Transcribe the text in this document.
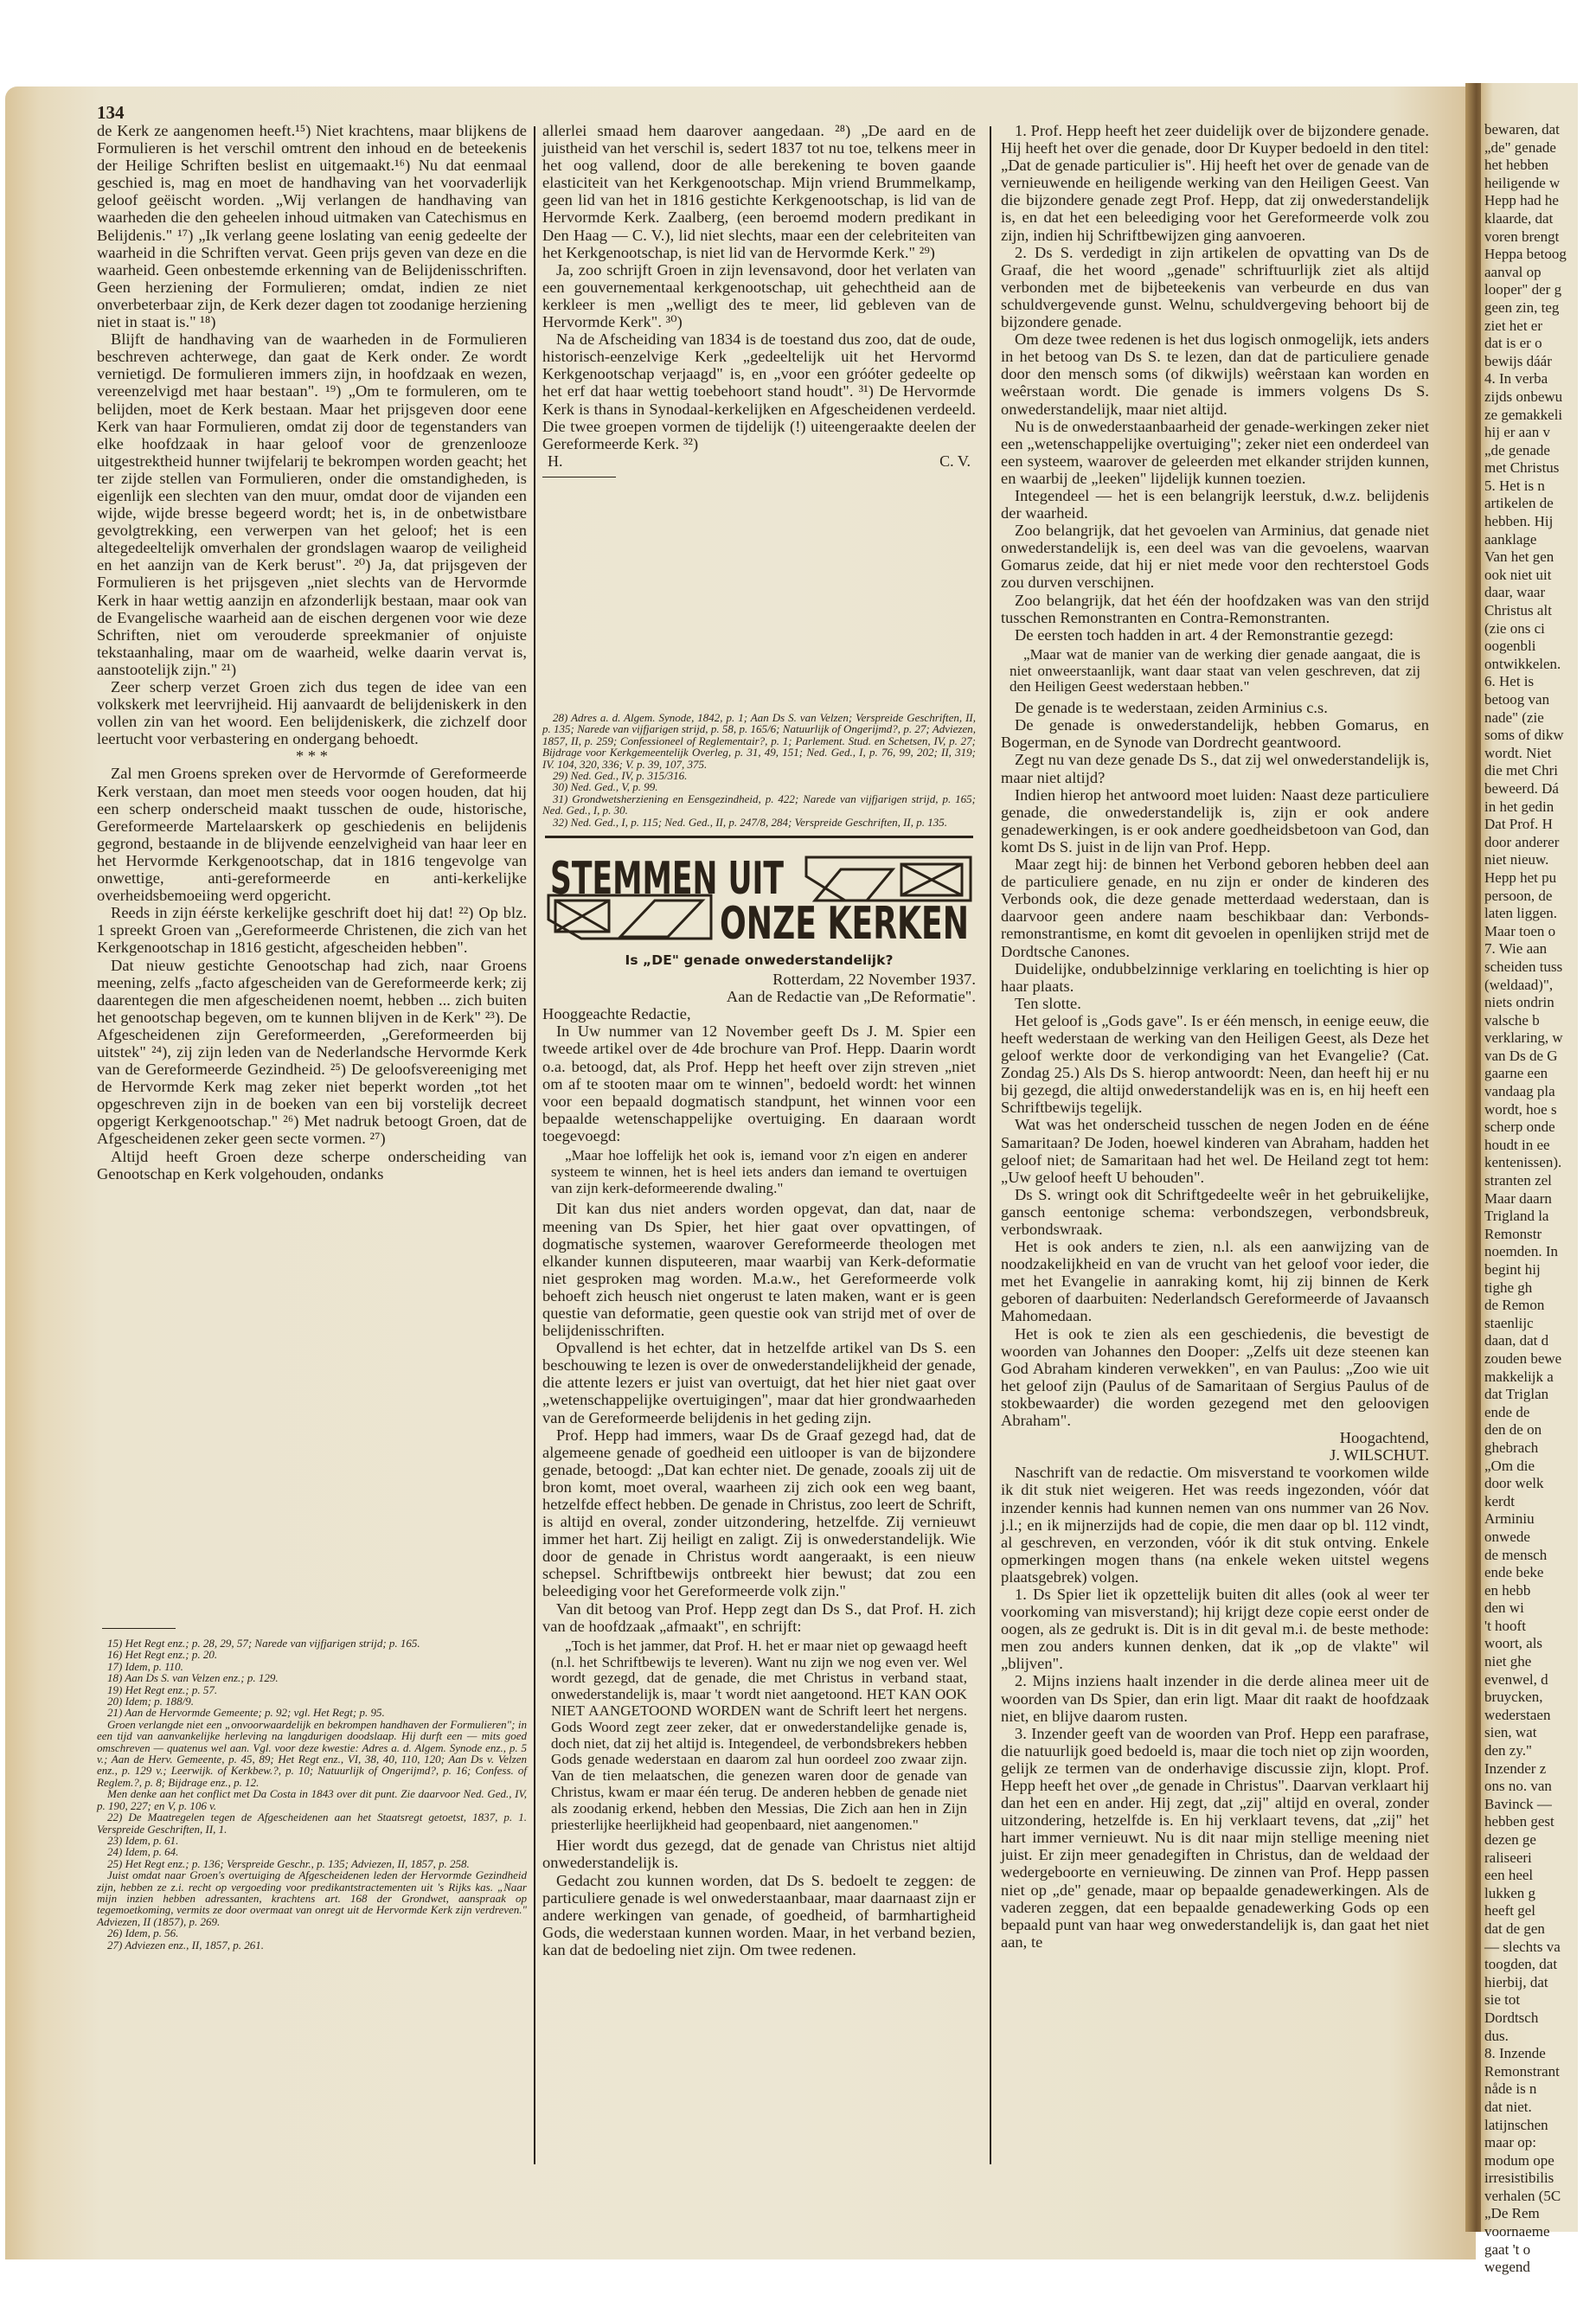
bewaren, dat
„de" genade
het hebben
heiligende w
Hepp had he
klaarde, dat
voren brengt
Heppa betoog
aanval op
looper" der g
geen zin, teg
ziet het er
dat is er o
bewijs dáár
4. In verba
zijds onbewu
ze gemakkeli
hij er aan v
„de genade
met Christus
5. Het is n
artikelen de
hebben. Hij
aanklage
Van het gen
ook niet uit
daar, waar
Christus alt
(zie ons ci
oogenbli
ontwikkelen.
6. Het is
betoog van
nade" (zie
soms of dikw
wordt. Niet
die met Chri
beweerd. Dá
in het gedin
Dat Prof. H
door anderer
niet nieuw.
Hepp het pu
persoon, de
laten liggen.
Maar toen o
7. Wie aan
scheiden tuss
(weldaad)",
niets ondrin
valsche b
verklaring, w
van Ds de G
gaarne een
vandaag pla
wordt, hoe s
scherp onde
houdt in ee
kentenissen).
stranten zel
Maar daarn
Trigland la
Remonstr
noemden. In
begint hij
tighe gh
de Remon
staenlijc
daan, dat d
zouden bewe
makkelijk a
dat Triglan
ende de
den de on
ghebrach
„Om die
door welk
kerdt
Arminiu
onwede
de mensch
ende beke
en hebb
den wi
't hooft
woort, als
niet ghe
evenwel, d
bruycken,
wederstaen
sien, wat
den zy."
Inzender z
ons no. van
Bavinck —
hebben gest
dezen ge
raliseeri
een heel
lukken g
heeft gel
dat de gen
— slechts va
toogden, dat
hierbij, dat
sie tot
Dordtsch
dus.
8. Inzende
Remonstrant
nåde is n
dat niet.
latijnschen
maar op:
modum ope
irresistibilis
verhalen (5C
„De Rem
voornaeme
gaat 't o
wegend
134

de Kerk ze aangenomen heeft.¹⁵) Niet krachtens, maar blijkens de Formulieren is het verschil omtrent den inhoud en de beteekenis der Heilige Schriften beslist en uitgemaakt.¹⁶) Nu dat eenmaal geschied is, mag en moet de handhaving van het voorvaderlijk geloof geëischt worden. „Wij verlangen de handhaving van waarheden die den geheelen inhoud uitmaken van Catechismus en Belijdenis." ¹⁷) „Ik verlang geene loslating van eenig gedeelte der waarheid in die Schriften vervat. Geen prijs geven van deze en die waarheid. Geen onbestemde erkenning van de Belijdenisschriften. Geen herziening der Formulieren; omdat, indien ze niet onverbeterbaar zijn, de Kerk dezer dagen tot zoodanige herziening niet in staat is." ¹⁸)

Blijft de handhaving van de waarheden in de Formulieren beschreven achterwege, dan gaat de Kerk onder. Ze wordt vernietigd. De formulieren immers zijn, in hoofdzaak en wezen, vereenzelvigd met haar bestaan". ¹⁹) „Om te formuleren, om te belijden, moet de Kerk bestaan. Maar het prijsgeven door eene Kerk van haar Formulieren, omdat zij door de tegenstanders van elke hoofdzaak in haar geloof voor de grenzenlooze uitgestrektheid hunner twijfelarij te bekrompen worden geacht; het ter zijde stellen van Formulieren, onder die omstandigheden, is eigenlijk een slechten van den muur, omdat door de vijanden een wijde, wijde bresse begeerd wordt; het is, in de onbetwistbare gevolgtrekking, een verwerpen van het geloof; het is een altegedeeltelijk omverhalen der grondslagen waarop de veiligheid en het aanzijn van de Kerk berust". ²⁰) Ja, dat prijsgeven der Formulieren is het prijsgeven „niet slechts van de Hervormde Kerk in haar wettig aanzijn en afzonderlijk bestaan, maar ook van de Evangelische waarheid aan de eischen dergenen voor wie deze Schriften, niet om verouderde spreekmanier of onjuiste tekstaanhaling, maar om de waarheid, welke daarin vervat is, aanstootelijk zijn." ²¹)

Zeer scherp verzet Groen zich dus tegen de idee van een volkskerk met leervrijheid. Hij aanvaardt de belijdeniskerk in den vollen zin van het woord. Een belijdeniskerk, die zichzelf door leertucht voor verbastering en ondergang behoedt.

* * *

Zal men Groens spreken over de Hervormde of Gereformeerde Kerk verstaan, dan moet men steeds voor oogen houden, dat hij een scherp onderscheid maakt tusschen de oude, historische, Gereformeerde Martelaarskerk op geschiedenis en belijdenis gegrond, bestaande in de blijvende eenzelvigheid van haar leer en het Hervormde Kerkgenootschap, dat in 1816 tengevolge van onwettige, anti-gereformeerde en anti-kerkelijke overheidsbemoeiing werd opgericht.

Reeds in zijn éérste kerkelijke geschrift doet hij dat! ²²) Op blz. 1 spreekt Groen van „Gereformeerde Christenen, die zich van het Kerkgenootschap in 1816 gesticht, afgescheiden hebben".

Dat nieuw gestichte Genootschap had zich, naar Groens meening, zelfs „facto afgescheiden van de Gereformeerde kerk; zij daarentegen die men afgescheidenen noemt, hebben ... zich buiten het genootschap begeven, om te kunnen blijven in de Kerk" ²³). De Afgescheidenen zijn Gereformeerden, „Gereformeerden bij uitstek" ²⁴), zij zijn leden van de Nederlandsche Hervormde Kerk van de Gereformeerde Gezindheid. ²⁵) De geloofsvereeniging met de Hervormde Kerk mag zeker niet beperkt worden „tot het opgeschreven zijn in de boeken van een bij vorstelijk decreet opgerigt Kerkgenootschap." ²⁶) Met nadruk betoogt Groen, dat de Afgescheidenen zeker geen secte vormen. ²⁷)

Altijd heeft Groen deze scherpe onderscheiding van Genootschap en Kerk volgehouden, ondanks

15) Het Regt enz.; p. 28, 29, 57; Narede van vijfjarigen strijd; p. 165.

16) Het Regt enz.; p. 20.

17) Idem, p. 110.

18) Aan Ds S. van Velzen enz.; p. 129.

19) Het Regt enz.; p. 57.

20) Idem; p. 188/9.

21) Aan de Hervormde Gemeente; p. 92; vgl. Het Regt; p. 95.

Groen verlangde niet een „onvoorwaardelijk en bekrompen handhaven der Formulieren"; in een tijd van aanvankelijke herleving na langdurigen doodslaap. Hij durft een — mits goed omschreven — quatenus wel aan. Vgl. voor deze kwestie: Adres a. d. Algem. Synode enz., p. 5 v.; Aan de Herv. Gemeente, p. 45, 89; Het Regt enz., VI, 38, 40, 110, 120; Aan Ds v. Velzen enz., p. 129 v.; Leerwijk. of Kerkbew.?, p. 10; Natuurlijk of Ongerijmd?, p. 16; Confess. of Reglem.?, p. 8; Bijdrage enz., p. 12.

Men denke aan het conflict met Da Costa in 1843 over dit punt. Zie daarvoor Ned. Ged., IV, p. 190, 227; en V, p. 106 v.

22) De Maatregelen tegen de Afgescheidenen aan het Staatsregt getoetst, 1837, p. 1. Verspreide Geschriften, II, 1.

23) Idem, p. 61.

24) Idem, p. 64.

25) Het Regt enz.; p. 136; Verspreide Geschr., p. 135; Adviezen, II, 1857, p. 258.

Juist omdat naar Groen's overtuiging de Afgescheidenen leden der Hervormde Gezindheid zijn, hebben ze z.i. recht op vergoeding voor predikantstractementen uit 's Rijks kas. „Naar mijn inzien hebben adressanten, krachtens art. 168 der Grondwet, aanspraak op tegemoetkoming, vermits ze door overmaat van onregt uit de Hervormde Kerk zijn verdreven." Adviezen, II (1857), p. 269.

26) Idem, p. 56.

27) Adviezen enz., II, 1857, p. 261.

allerlei smaad hem daarover aangedaan. ²⁸) „De aard en de juistheid van het verschil is, sedert 1837 tot nu toe, telkens meer in het oog vallend, door de alle berekening te boven gaande elasticiteit van het Kerkgenootschap. Mijn vriend Brummelkamp, geen lid van het in 1816 gestichte Kerkgenootschap, is lid van de Hervormde Kerk. Zaalberg, (een beroemd modern predikant in Den Haag — C. V.), lid niet slechts, maar een der celebriteiten van het Kerkgenootschap, is niet lid van de Hervormde Kerk." ²⁹)

Ja, zoo schrijft Groen in zijn levensavond, door het verlaten van een gouvernementaal kerkgenootschap, uit gehechtheid aan de kerkleer is men „welligt des te meer, lid gebleven van de Hervormde Kerk". ³⁰)

Na de Afscheiding van 1834 is de toestand dus zoo, dat de oude, historisch-eenzelvige Kerk „gedeeltelijk uit het Hervormd Kerkgenootschap verjaagd" is, en „voor een gróóter gedeelte op het erf dat haar wettig toebehoort stand houdt". ³¹) De Hervormde Kerk is thans in Synodaal-kerkelijken en Afgescheidenen verdeeld. Die twee groepen vormen de tijdelijk (!) uiteengeraakte deelen der Gereformeerde Kerk. ³²)

H.	C. V.

28) Adres a. d. Algem. Synode, 1842, p. 1; Aan Ds S. van Velzen; Verspreide Geschriften, II, p. 135; Narede van vijfjarigen strijd, p. 58, p. 165/6; Natuurlijk of Ongerijmd?, p. 27; Adviezen, 1857, II, p. 259; Confessioneel of Reglementair?, p. 1; Parlement. Stud. en Schetsen, IV, p. 27; Bijdrage voor Kerkgemeentelijk Overleg, p. 31, 49, 151; Ned. Ged., I, p. 76, 99, 202; II, 319; IV. 104, 320, 336; V. p. 39, 107, 375.

29) Ned. Ged., IV, p. 315/316.

30) Ned. Ged., V, p. 99.

31) Grondwetsherziening en Eensgezindheid, p. 422; Narede van vijfjarigen strijd, p. 165; Ned. Ged., I, p. 30.

32) Ned. Ged., I, p. 115; Ned. Ged., II, p. 247/8, 284; Verspreide Geschriften, II, p. 135.

STEMMEN UIT
ONZE KERKEN

Is „DE" genade onwederstandelijk?

Rotterdam, 22 November 1937.

Aan de Redactie van „De Reformatie".

Hooggeachte Redactie,

In Uw nummer van 12 November geeft Ds J. M. Spier een tweede artikel over de 4de brochure van Prof. Hepp. Daarin wordt o.a. betoogd, dat, als Prof. Hepp het heeft over zijn streven „niet om af te stooten maar om te winnen", bedoeld wordt: het winnen voor een bepaald dogmatisch standpunt, het winnen voor een bepaalde wetenschappelijke overtuiging. En daaraan wordt toegevoegd:

„Maar hoe loffelijk het ook is, iemand voor z'n eigen en anderer systeem te winnen, het is heel iets anders dan iemand te overtuigen van zijn kerk-deformeerende dwaling."

Dit kan dus niet anders worden opgevat, dan dat, naar de meening van Ds Spier, het hier gaat over opvattingen, of dogmatische systemen, waarover Gereformeerde theologen met elkander kunnen disputeeren, maar waarbij van Kerk-deformatie niet gesproken mag worden. M.a.w., het Gereformeerde volk behoeft zich heusch niet ongerust te laten maken, want er is geen questie van deformatie, geen questie ook van strijd met of over de belijdenisschriften.

Opvallend is het echter, dat in hetzelfde artikel van Ds S. een beschouwing te lezen is over de onwederstandelijkheid der genade, die attente lezers er juist van overtuigt, dat het hier niet gaat over „wetenschappelijke overtuigingen", maar dat hier grondwaarheden van de Gereformeerde belijdenis in het geding zijn.

Prof. Hepp had immers, waar Ds de Graaf gezegd had, dat de algemeene genade of goedheid een uitlooper is van de bijzondere genade, betoogd: „Dat kan echter niet. De genade, zooals zij uit de bron komt, moet overal, waarheen zij zich ook een weg baant, hetzelfde effect hebben. De genade in Christus, zoo leert de Schrift, is altijd en overal, zonder uitzondering, hetzelfde. Zij vernieuwt immer het hart. Zij heiligt en zaligt. Zij is onwederstandelijk. Wie door de genade in Christus wordt aangeraakt, is een nieuw schepsel. Schriftbewijs ontbreekt hier bewust; dat zou een beleediging voor het Gereformeerde volk zijn."

Van dit betoog van Prof. Hepp zegt dan Ds S., dat Prof. H. zich van de hoofdzaak „afmaakt", en schrijft:

„Toch is het jammer, dat Prof. H. het er maar niet op gewaagd heeft (n.l. het Schriftbewijs te leveren). Want nu zijn we nog even ver. Wel wordt gezegd, dat de genade, die met Christus in verband staat, onwederstandelijk is, maar 't wordt niet aangetoond. HET KAN OOK NIET AANGETOOND WORDEN want de Schrift leert het nergens. Gods Woord zegt zeer zeker, dat er onwederstandelijke genade is, doch niet, dat zij het altijd is. Integendeel, de verbondsbrekers hebben Gods genade wederstaan en daarom zal hun oordeel zoo zwaar zijn. Van de tien melaatschen, die genezen waren door de genade van Christus, kwam er maar één terug. De anderen hebben de genade niet als zoodanig erkend, hebben den Messias, Die Zich aan hen in Zijn priesterlijke heerlijkheid had geopenbaard, niet aangenomen."

Hier wordt dus gezegd, dat de genade van Christus niet altijd onwederstandelijk is.

Gedacht zou kunnen worden, dat Ds S. bedoelt te zeggen: de particuliere genade is wel onwederstaanbaar, maar daarnaast zijn er andere werkingen van genade, of goedheid, of barmhartigheid Gods, die wederstaan kunnen worden. Maar, in het verband bezien, kan dat de bedoeling niet zijn. Om twee redenen.

1. Prof. Hepp heeft het zeer duidelijk over de bijzondere genade. Hij heeft het over die genade, door Dr Kuyper bedoeld in den titel: „Dat de genade particulier is". Hij heeft het over de genade van de vernieuwende en heiligende werking van den Heiligen Geest. Van die bijzondere genade zegt Prof. Hepp, dat zij onwederstandelijk is, en dat het een beleediging voor het Gereformeerde volk zou zijn, indien hij Schriftbewijzen ging aanvoeren.

2. Ds S. verdedigt in zijn artikelen de opvatting van Ds de Graaf, die het woord „genade" schriftuurlijk ziet als altijd verbonden met de bijbeteekenis van verbeurde en dus van schuldvergevende gunst. Welnu, schuldvergeving behoort bij de bijzondere genade.

Om deze twee redenen is het dus logisch onmogelijk, iets anders in het betoog van Ds S. te lezen, dan dat de particuliere genade door den mensch soms (of dikwijls) weêrstaan kan worden en weêrstaan wordt. Die genade is immers volgens Ds S. onwederstandelijk, maar niet altijd.

Nu is de onwederstaanbaarheid der genade-werkingen zeker niet een „wetenschappelijke overtuiging"; zeker niet een onderdeel van een systeem, waarover de geleerden met elkander strijden kunnen, en waarbij de „leeken" lijdelijk kunnen toezien.

Integendeel — het is een belangrijk leerstuk, d.w.z. belijdenis der waarheid.

Zoo belangrijk, dat het gevoelen van Arminius, dat genade niet onwederstandelijk is, een deel was van die gevoelens, waarvan Gomarus zeide, dat hij er niet mede voor den rechterstoel Gods zou durven verschijnen.

Zoo belangrijk, dat het één der hoofdzaken was van den strijd tusschen Remonstranten en Contra-Remonstranten.

De eersten toch hadden in art. 4 der Remonstrantie gezegd:

„Maar wat de manier van de werking dier genade aangaat, die is niet onweerstaanlijk, want daar staat van velen geschreven, dat zij den Heiligen Geest wederstaan hebben."

De genade is te wederstaan, zeiden Arminius c.s.

De genade is onwederstandelijk, hebben Gomarus, en Bogerman, en de Synode van Dordrecht geantwoord.

Zegt nu van deze genade Ds S., dat zij wel onwederstandelijk is, maar niet altijd?

Indien hierop het antwoord moet luiden: Naast deze particuliere genade, die onwederstandelijk is, zijn er ook andere genadewerkingen, is er ook andere goedheidsbetoon van God, dan komt Ds S. juist in de lijn van Prof. Hepp.

Maar zegt hij: de binnen het Verbond geboren hebben deel aan de particuliere genade, en nu zijn er onder de kinderen des Verbonds ook, die deze genade metterdaad wederstaan, dan is daarvoor geen andere naam beschikbaar dan: Verbonds-remonstrantisme, en komt dit gevoelen in openlijken strijd met de Dordtsche Canones.

Duidelijke, ondubbelzinnige verklaring en toelichting is hier op haar plaats.

Ten slotte.

Het geloof is „Gods gave". Is er één mensch, in eenige eeuw, die heeft wederstaan de werking van den Heiligen Geest, als Deze het geloof werkte door de verkondiging van het Evangelie? (Cat. Zondag 25.) Als Ds S. hierop antwoordt: Neen, dan heeft hij er nu bij gezegd, die altijd onwederstandelijk was en is, en hij heeft een Schriftbewijs tegelijk.

Wat was het onderscheid tusschen de negen Joden en de ééne Samaritaan? De Joden, hoewel kinderen van Abraham, hadden het geloof niet; de Samaritaan had het wel. De Heiland zegt tot hem: „Uw geloof heeft U behouden".

Ds S. wringt ook dit Schriftgedeelte weêr in het gebruikelijke, gansch eentonige schema: verbondszegen, verbondsbreuk, verbondswraak.

Het is ook anders te zien, n.l. als een aanwijzing van de noodzakelijkheid en van de vrucht van het geloof voor ieder, die met het Evangelie in aanraking komt, hij zij binnen de Kerk geboren of daarbuiten: Nederlandsch Gereformeerde of Javaansch Mahomedaan.

Het is ook te zien als een geschiedenis, die bevestigt de woorden van Johannes den Dooper: „Zelfs uit deze steenen kan God Abraham kinderen verwekken", en van Paulus: „Zoo wie uit het geloof zijn (Paulus of de Samaritaan of Sergius Paulus of de stokbewaarder) die worden gezegend met den geloovigen Abraham".

Hoogachtend,

J. WILSCHUT.

Naschrift van de redactie. Om misverstand te voorkomen wilde ik dit stuk niet weigeren. Het was reeds ingezonden, vóór dat inzender kennis had kunnen nemen van ons nummer van 26 Nov. j.l.; en ik mijnerzijds had de copie, die men daar op bl. 112 vindt, al geschreven, en verzonden, vóór ik dit stuk ontving. Enkele opmerkingen mogen thans (na enkele weken uitstel wegens plaatsgebrek) volgen.

1. Ds Spier liet ik opzettelijk buiten dit alles (ook al weer ter voorkoming van misverstand); hij krijgt deze copie eerst onder de oogen, als ze gedrukt is. Dit is in dit geval m.i. de beste methode: men zou anders kunnen denken, dat ik „op de vlakte" wil „blijven".

2. Mijns inziens haalt inzender in die derde alinea meer uit de woorden van Ds Spier, dan erin ligt. Maar dit raakt de hoofdzaak niet, en blijve daarom rusten.

3. Inzender geeft van de woorden van Prof. Hepp een parafrase, die natuurlijk goed bedoeld is, maar die toch niet op zijn woorden, gelijk ze termen van de onderhavige discussie zijn, klopt. Prof. Hepp heeft het over „de genade in Christus". Daarvan verklaart hij dan het een en ander. Hij zegt, dat „zij" altijd en overal, zonder uitzondering, hetzelfde is. En hij verklaart tevens, dat „zij" het hart immer vernieuwt. Nu is dit naar mijn stellige meening niet juist. Er zijn meer genadegiften in Christus, dan de weldaad der wedergeboorte en vernieuwing. De zinnen van Prof. Hepp passen niet op „de" genade, maar op bepaalde genadewerkingen. Als de vaderen zeggen, dat een bepaalde genadewerking Gods op een bepaald punt van haar weg onwederstandelijk is, dan gaat het niet aan, te
